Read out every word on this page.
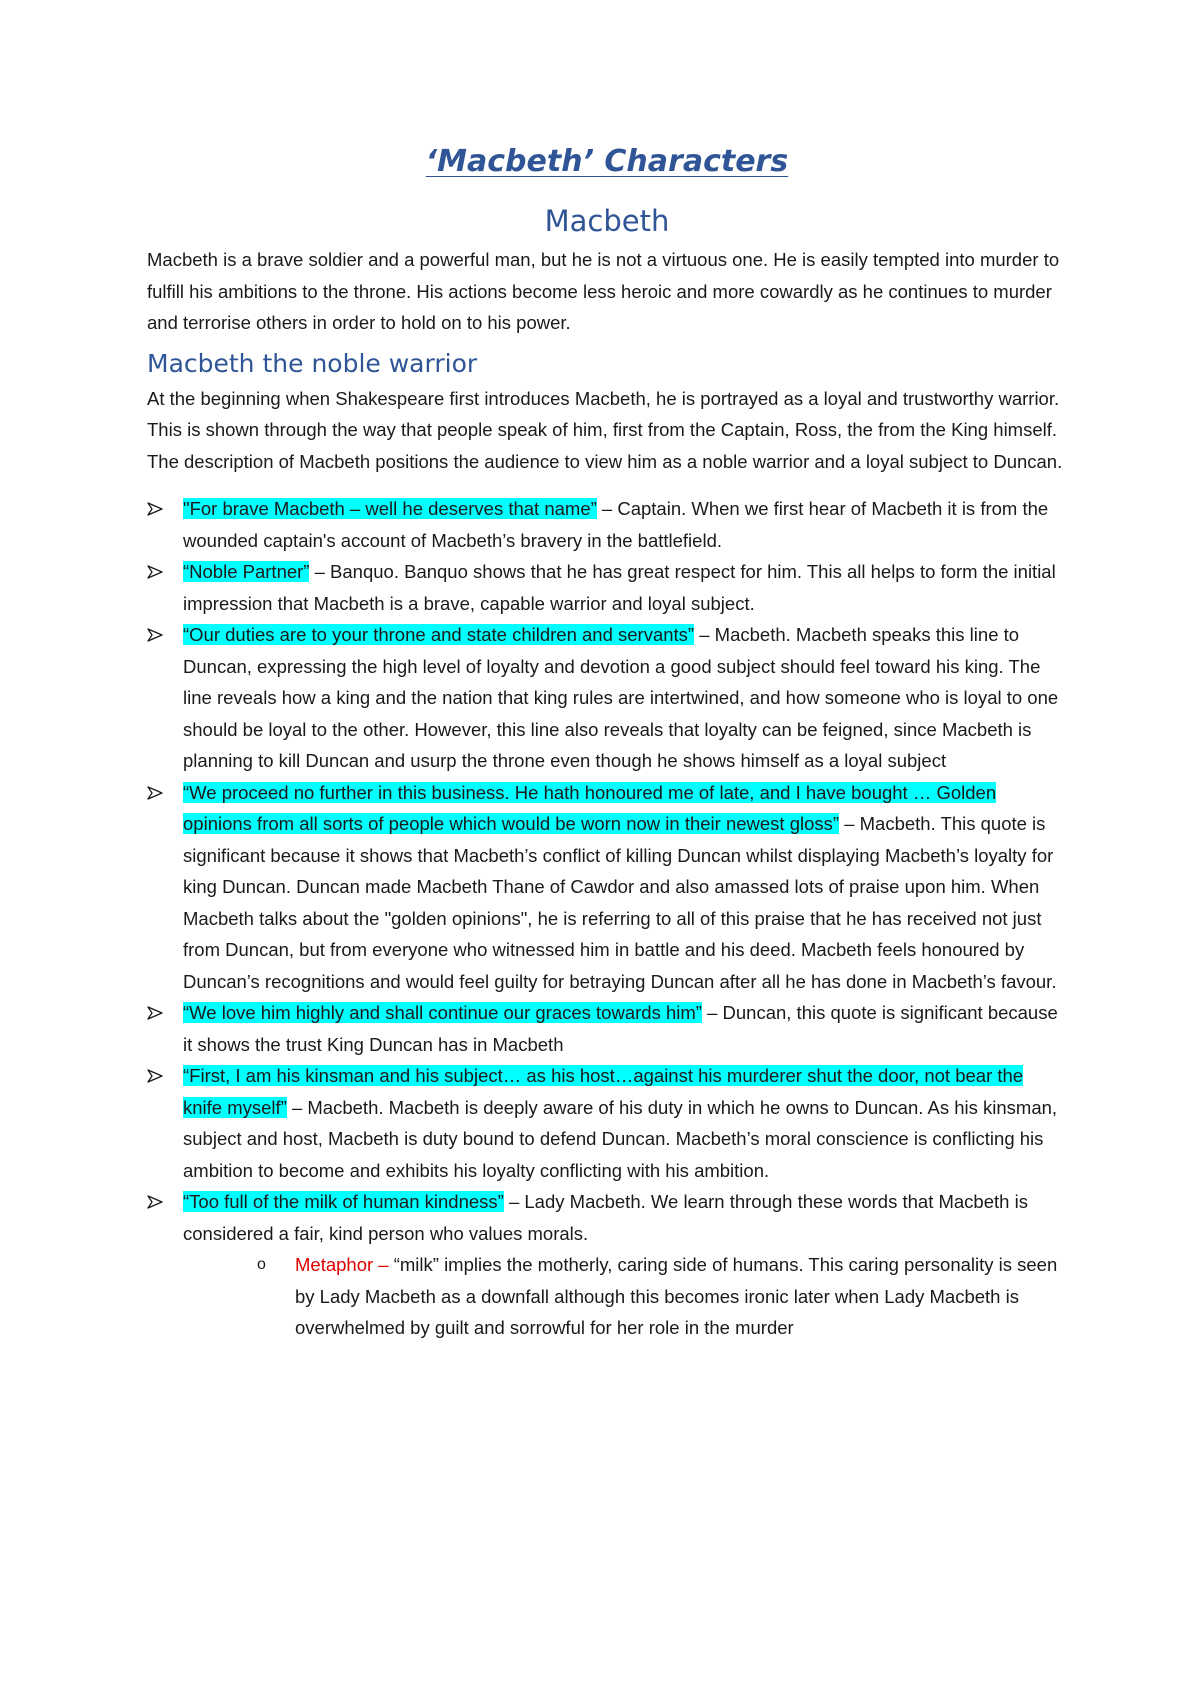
‘Macbeth’ Characters
Macbeth

Macbeth is a brave soldier and a powerful man, but he is not a virtuous one. He is easily tempted into murder to fulfill his ambitions to the throne. His actions become less heroic and more cowardly as he continues to murder and terrorise others in order to hold on to his power.

Macbeth the noble warrior

At the beginning when Shakespeare first introduces Macbeth, he is portrayed as a loyal and trustworthy warrior. This is shown through the way that people speak of him, first from the Captain, Ross, the from the King himself. The description of Macbeth positions the audience to view him as a noble warrior and a loyal subject to Duncan.

"For brave Macbeth – well he deserves that name” – Captain. When we first hear of Macbeth it is from the wounded captain's account of Macbeth’s bravery in the battlefield.
“Noble Partner” – Banquo. Banquo shows that he has great respect for him. This all helps to form the initial impression that Macbeth is a brave, capable warrior and loyal subject.
“Our duties are to your throne and state children and servants” – Macbeth. Macbeth speaks this line to Duncan, expressing the high level of loyalty and devotion a good subject should feel toward his king. The line reveals how a king and the nation that king rules are intertwined, and how someone who is loyal to one should be loyal to the other. However, this line also reveals that loyalty can be feigned, since Macbeth is planning to kill Duncan and usurp the throne even though he shows himself as a loyal subject
“We proceed no further in this business. He hath honoured me of late, and I have bought … Golden opinions from all sorts of people which would be worn now in their newest gloss” – Macbeth. This quote is significant because it shows that Macbeth’s conflict of killing Duncan whilst displaying Macbeth’s loyalty for king Duncan. Duncan made Macbeth Thane of Cawdor and also amassed lots of praise upon him. When Macbeth talks about the "golden opinions", he is referring to all of this praise that he has received not just from Duncan, but from everyone who witnessed him in battle and his deed. Macbeth feels honoured by Duncan’s recognitions and would feel guilty for betraying Duncan after all he has done in Macbeth’s favour.
“We love him highly and shall continue our graces towards him” – Duncan, this quote is significant because it shows the trust King Duncan has in Macbeth
“First, I am his kinsman and his subject… as his host…against his murderer shut the door, not bear the knife myself” – Macbeth. Macbeth is deeply aware of his duty in which he owns to Duncan. As his kinsman, subject and host, Macbeth is duty bound to defend Duncan. Macbeth’s moral conscience is conflicting his ambition to become and exhibits his loyalty conflicting with his ambition.
“Too full of the milk of human kindness” – Lady Macbeth. We learn through these words that Macbeth is considered a fair, kind person who values morals.
o Metaphor – “milk” implies the motherly, caring side of humans. This caring personality is seen by Lady Macbeth as a downfall although this becomes ironic later when Lady Macbeth is overwhelmed by guilt and sorrowful for her role in the murder
